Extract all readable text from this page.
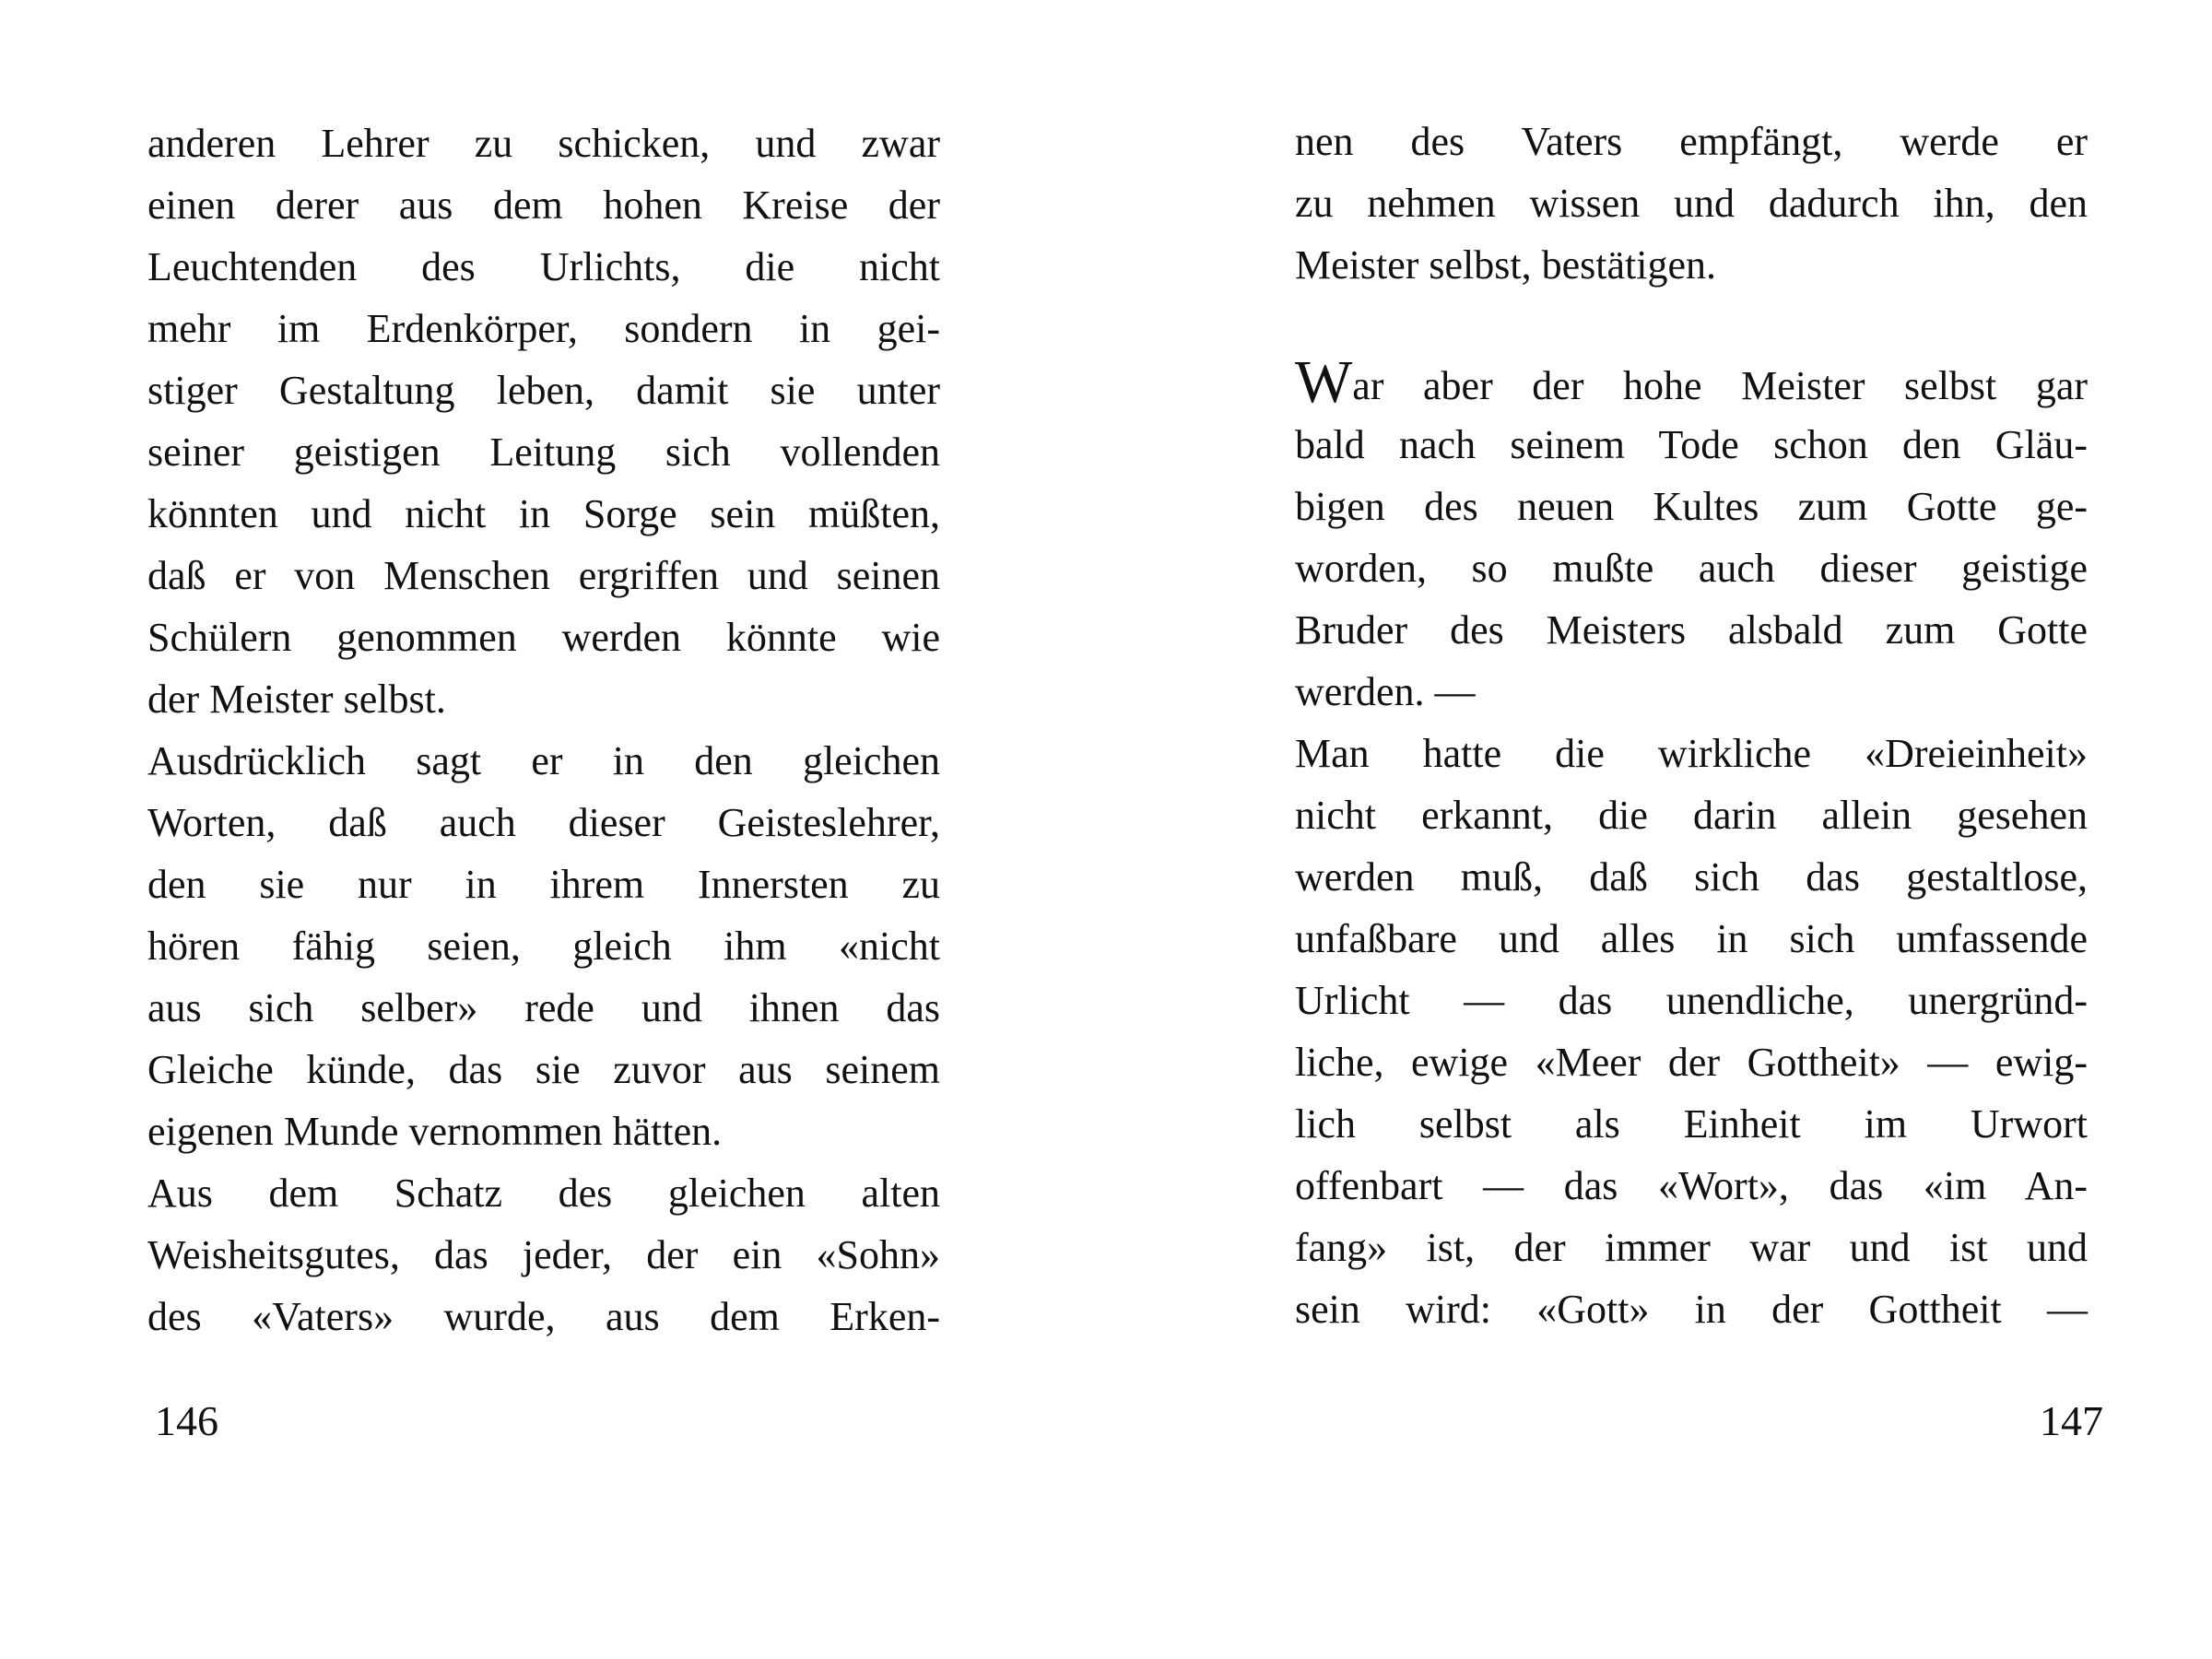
anderen Lehrer zu schicken, und zwar
einen derer aus dem hohen Kreise der
Leuchtenden des Urlichts, die nicht
mehr im Erdenkörper, sondern in gei-
stiger Gestaltung leben, damit sie unter
seiner geistigen Leitung sich vollenden
könnten und nicht in Sorge sein müßten,
daß er von Menschen ergriffen und seinen
Schülern genommen werden könnte wie
der Meister selbst.
Ausdrücklich sagt er in den gleichen
Worten, daß auch dieser Geisteslehrer,
den sie nur in ihrem Innersten zu
hören fähig seien, gleich ihm «nicht
aus sich selber» rede und ihnen das
Gleiche künde, das sie zuvor aus seinem
eigenen Munde vernommen hätten.
Aus dem Schatz des gleichen alten
Weisheitsgutes, das jeder, der ein «Sohn»
des «Vaters» wurde, aus dem Erken-
146
nen des Vaters empfängt, werde er
zu nehmen wissen und dadurch ihn, den
Meister selbst, bestätigen.
War aber der hohe Meister selbst gar
bald nach seinem Tode schon den Gläu-
bigen des neuen Kultes zum Gotte ge-
worden, so mußte auch dieser geistige
Bruder des Meisters alsbald zum Gotte
werden. —
Man hatte die wirkliche «Dreieinheit»
nicht erkannt, die darin allein gesehen
werden muß, daß sich das gestaltlose,
unfaßbare und alles in sich umfassende
Urlicht — das unendliche, unergründ-
liche, ewige «Meer der Gottheit» — ewig-
lich selbst als Einheit im Urwort
offenbart — das «Wort», das «im An-
fang» ist, der immer war und ist und
sein wird: «Gott» in der Gottheit —
147
